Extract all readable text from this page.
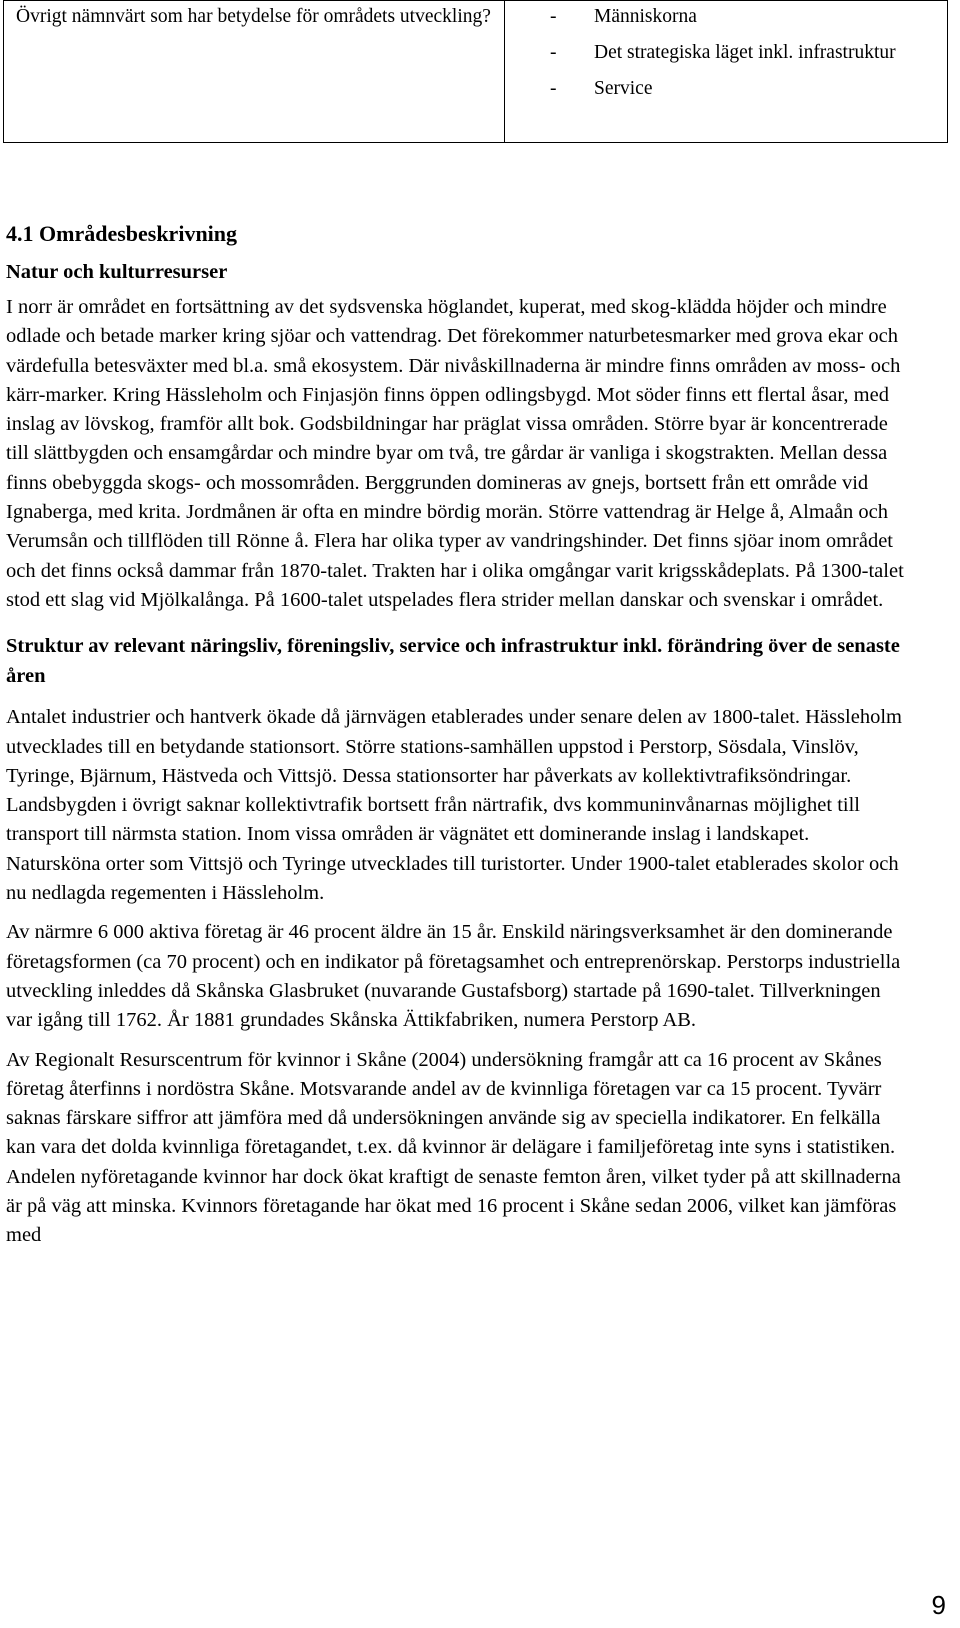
Övrigt nämnvärt som har betydelse för områdets utveckling?	
-Människorna
- Det strategiska läget inkl. infrastruktur
- Service
4.1 Områdesbeskrivning
Natur och kulturresurser

I norr är området en fortsättning av det sydsvenska höglandet, kuperat, med skog-klädda höjder och mindre odlade och betade marker kring sjöar och vattendrag. Det förekommer naturbetesmarker med grova ekar och värdefulla betesväxter med bl.a. små ekosystem. Där nivåskillnaderna är mindre finns områden av moss- och kärr-marker. Kring Hässleholm och Finjasjön finns öppen odlingsbygd. Mot söder finns ett flertal åsar, med inslag av lövskog, framför allt bok. Godsbildningar har präglat vissa områden. Större byar är koncentrerade till slättbygden och ensamgårdar och mindre byar om två, tre gårdar är vanliga i skogstrakten. Mellan dessa finns obebyggda skogs- och mossområden. Berggrunden domineras av gnejs, bortsett från ett område vid Ignaberga, med krita. Jordmånen är ofta en mindre bördig morän. Större vattendrag är Helge å, Almaån och Verumsån och tillflöden till Rönne å. Flera har olika typer av vandringshinder. Det finns sjöar inom området och det finns också dammar från 1870-talet. Trakten har i olika omgångar varit krigsskådeplats. På 1300-talet stod ett slag vid Mjölkalånga. På 1600-talet utspelades flera strider mellan danskar och svenskar i området.

Struktur av relevant näringsliv, föreningsliv, service och infrastruktur inkl. förändring över de senaste åren

Antalet industrier och hantverk ökade då järnvägen etablerades under senare delen av 1800-talet. Hässleholm utvecklades till en betydande stationsort. Större stations-samhällen uppstod i Perstorp, Sösdala, Vinslöv, Tyringe, Bjärnum, Hästveda och Vittsjö. Dessa stationsorter har påverkats av kollektivtrafiksöndringar. Landsbygden i övrigt saknar kollektivtrafik bortsett från närtrafik, dvs kommuninvånarnas möjlighet till transport till närmsta station. Inom vissa områden är vägnätet ett dominerande inslag i landskapet. Natursköna orter som Vittsjö och Tyringe utvecklades till turistorter. Under 1900-talet etablerades skolor och nu nedlagda regementen i Hässleholm.

Av närmre 6 000 aktiva företag är 46 procent äldre än 15 år. Enskild näringsverksamhet är den dominerande företagsformen (ca 70 procent) och en indikator på företagsamhet och entreprenörskap. Perstorps industriella utveckling inleddes då Skånska Glasbruket (nuvarande Gustafsborg) startade på 1690-talet. Tillverkningen var igång till 1762. År 1881 grundades Skånska Ättikfabriken, numera Perstorp AB.

Av Regionalt Resurscentrum för kvinnor i Skåne (2004) undersökning framgår att ca 16 procent av Skånes företag återfinns i nordöstra Skåne. Motsvarande andel av de kvinnliga företagen var ca 15 procent. Tyvärr saknas färskare siffror att jämföra med då undersökningen använde sig av speciella indikatorer. En felkälla kan vara det dolda kvinnliga företagandet, t.ex. då kvinnor är delägare i familjeföretag inte syns i statistiken. Andelen nyföretagande kvinnor har dock ökat kraftigt de senaste femton åren, vilket tyder på att skillnaderna är på väg att minska. Kvinnors företagande har ökat med 16 procent i Skåne sedan 2006, vilket kan jämföras med

9
